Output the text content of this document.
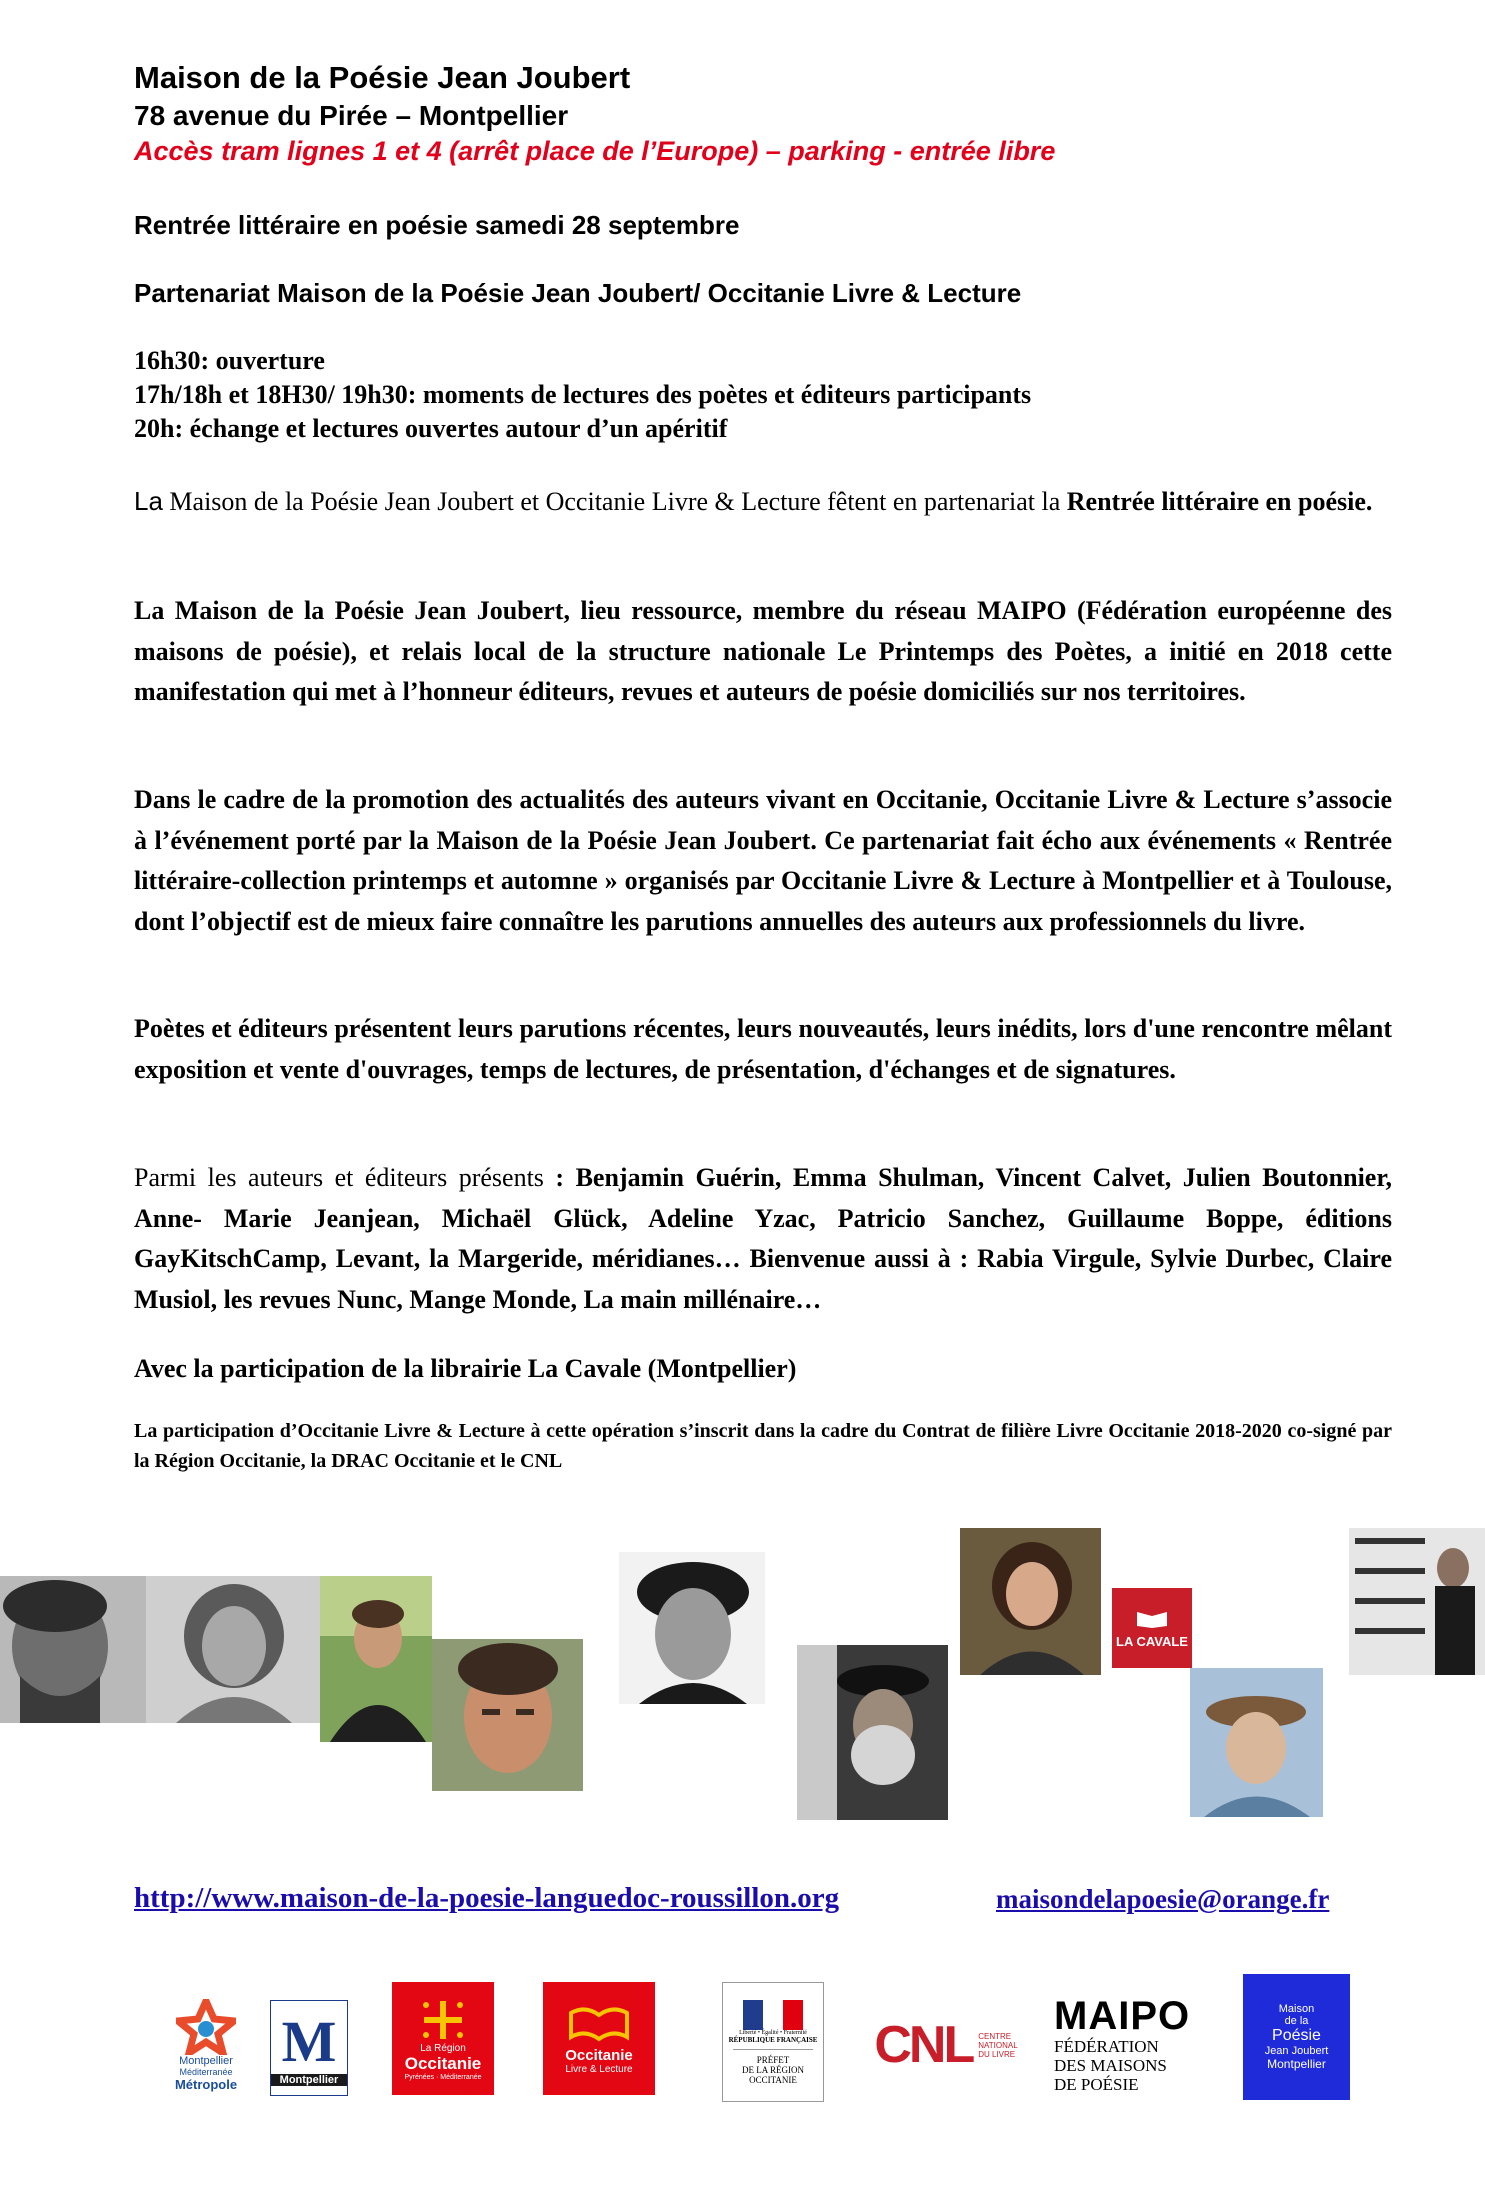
Maison de la Poésie Jean Joubert
78 avenue du Pirée – Montpellier
Accès tram lignes 1 et 4 (arrêt place de l’Europe) – parking - entrée libre
Rentrée littéraire en poésie samedi 28 septembre
Partenariat Maison de la Poésie Jean Joubert/ Occitanie Livre & Lecture
16h30: ouverture
17h/18h et 18H30/ 19h30: moments de lectures des poètes et éditeurs participants
20h: échange et lectures ouvertes autour d’un apéritif
La Maison de la Poésie Jean Joubert et Occitanie Livre & Lecture fêtent en partenariat la Rentrée littéraire en poésie.
La Maison de la Poésie Jean Joubert, lieu ressource, membre du réseau MAIPO (Fédération européenne des maisons de poésie), et relais local de la structure nationale Le Printemps des Poètes, a initié en 2018 cette manifestation qui met à l’honneur éditeurs, revues et auteurs de poésie domiciliés sur nos territoires.
Dans le cadre de la promotion des actualités des auteurs vivant en Occitanie, Occitanie Livre & Lecture s’associe à l’événement porté par la Maison de la Poésie Jean Joubert. Ce partenariat fait écho aux événements « Rentrée littéraire-collection printemps et automne » organisés par Occitanie Livre & Lecture à Montpellier et à Toulouse, dont l’objectif est de mieux faire connaître les parutions annuelles des auteurs aux professionnels du livre.
Poètes et éditeurs présentent leurs parutions récentes, leurs nouveautés, leurs inédits, lors d'une rencontre mêlant exposition et vente d'ouvrages, temps de lectures, de présentation, d'échanges et de signatures.
Parmi les auteurs et éditeurs présents : Benjamin Guérin, Emma Shulman, Vincent Calvet, Julien Boutonnier, Anne- Marie Jeanjean, Michaël Glück, Adeline Yzac, Patricio Sanchez, Guillaume Boppe, éditions GayKitschCamp, Levant, la Margeride, méridianes… Bienvenue aussi à : Rabia Virgule, Sylvie Durbec, Claire Musiol, les revues Nunc, Mange Monde, La main millénaire…
Avec la participation de la librairie La Cavale (Montpellier)
La participation d’Occitanie Livre & Lecture à cette opération s’inscrit dans la cadre du Contrat de filière Livre Occitanie 2018-2020 co-signé par la Région Occitanie, la DRAC Occitanie et le CNL
LA CAVALE
http://www.maison-de-la-poesie-languedoc-roussillon.org	maisondelapoesie@orange.fr
Montpellier
Méditerranée
Métropole
M
Montpellier
La Région
Occitanie
Pyrénées · Méditerranée
Occitanie
Livre & Lecture
Liberté • Égalité • Fraternité
RÉPUBLIQUE FRANÇAISE
PRÉFET
DE LA RÉGION
OCCITANIE
CNL CENTRE
NATIONAL
DU LIVRE
MAIPO
FÉDÉRATION
DES MAISONS
DE POÉSIE
Maison
de la
Poésie
Jean Joubert
Montpellier
